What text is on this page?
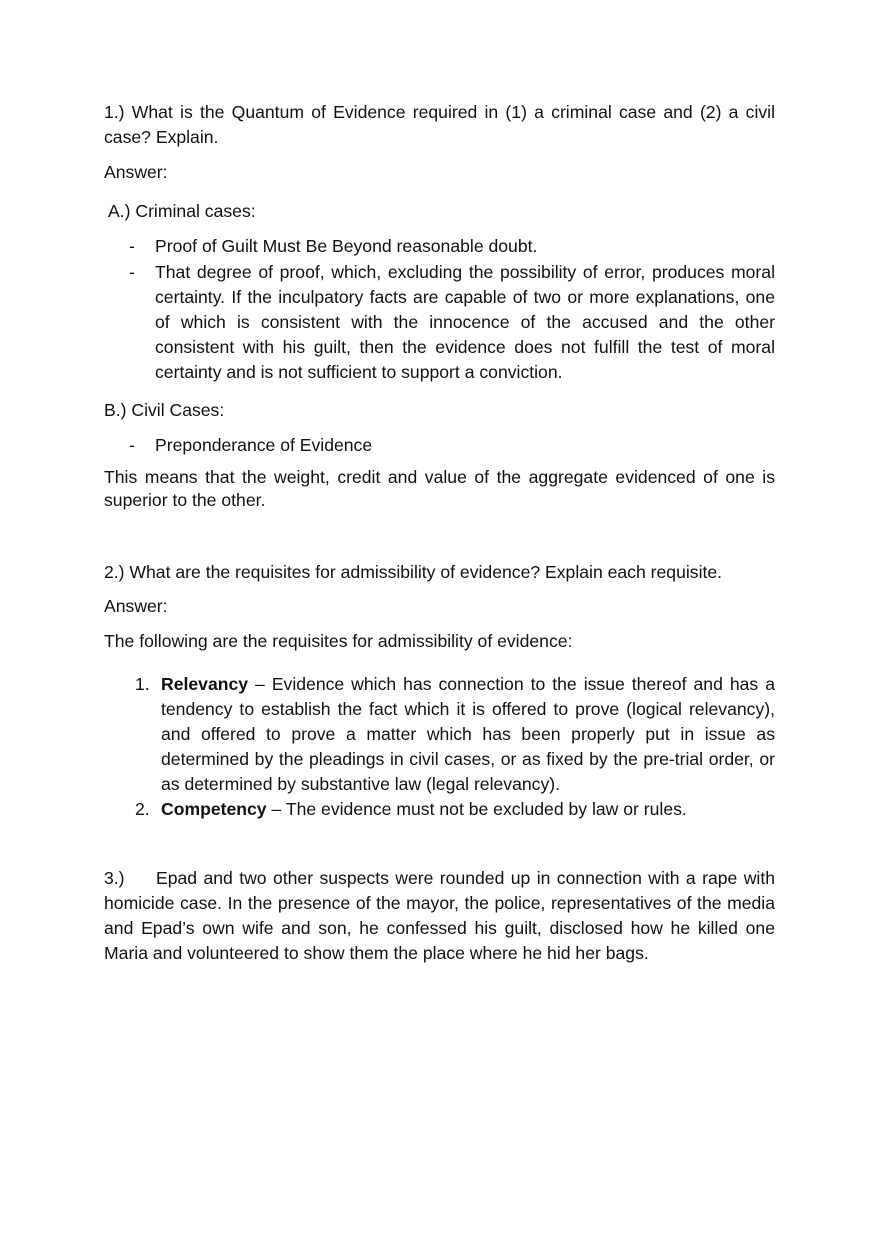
1.) What is the Quantum of Evidence required in (1) a criminal case and (2) a civil case? Explain.

Answer:

A.) Criminal cases:

- Proof of Guilt Must Be Beyond reasonable doubt.
- That degree of proof, which, excluding the possibility of error, produces moral certainty. If the inculpatory facts are capable of two or more explanations, one of which is consistent with the innocence of the accused and the other consistent with his guilt, then the evidence does not fulfill the test of moral certainty and is not sufficient to support a conviction.

B.) Civil Cases:

- Preponderance of Evidence

This means that the weight, credit and value of the aggregate evidenced of one is superior to the other.

2.) What are the requisites for admissibility of evidence? Explain each requisite.

Answer:

The following are the requisites for admissibility of evidence:

1. Relevancy – Evidence which has connection to the issue thereof and has a tendency to establish the fact which it is offered to prove (logical relevancy), and offered to prove a matter which has been properly put in issue as determined by the pleadings in civil cases, or as fixed by the pre-trial order, or as determined by substantive law (legal relevancy).
2. Competency – The evidence must not be excluded by law or rules.

3.) Epad and two other suspects were rounded up in connection with a rape with homicide case. In the presence of the mayor, the police, representatives of the media and Epad’s own wife and son, he confessed his guilt, disclosed how he killed one Maria and volunteered to show them the place where he hid her bags.
